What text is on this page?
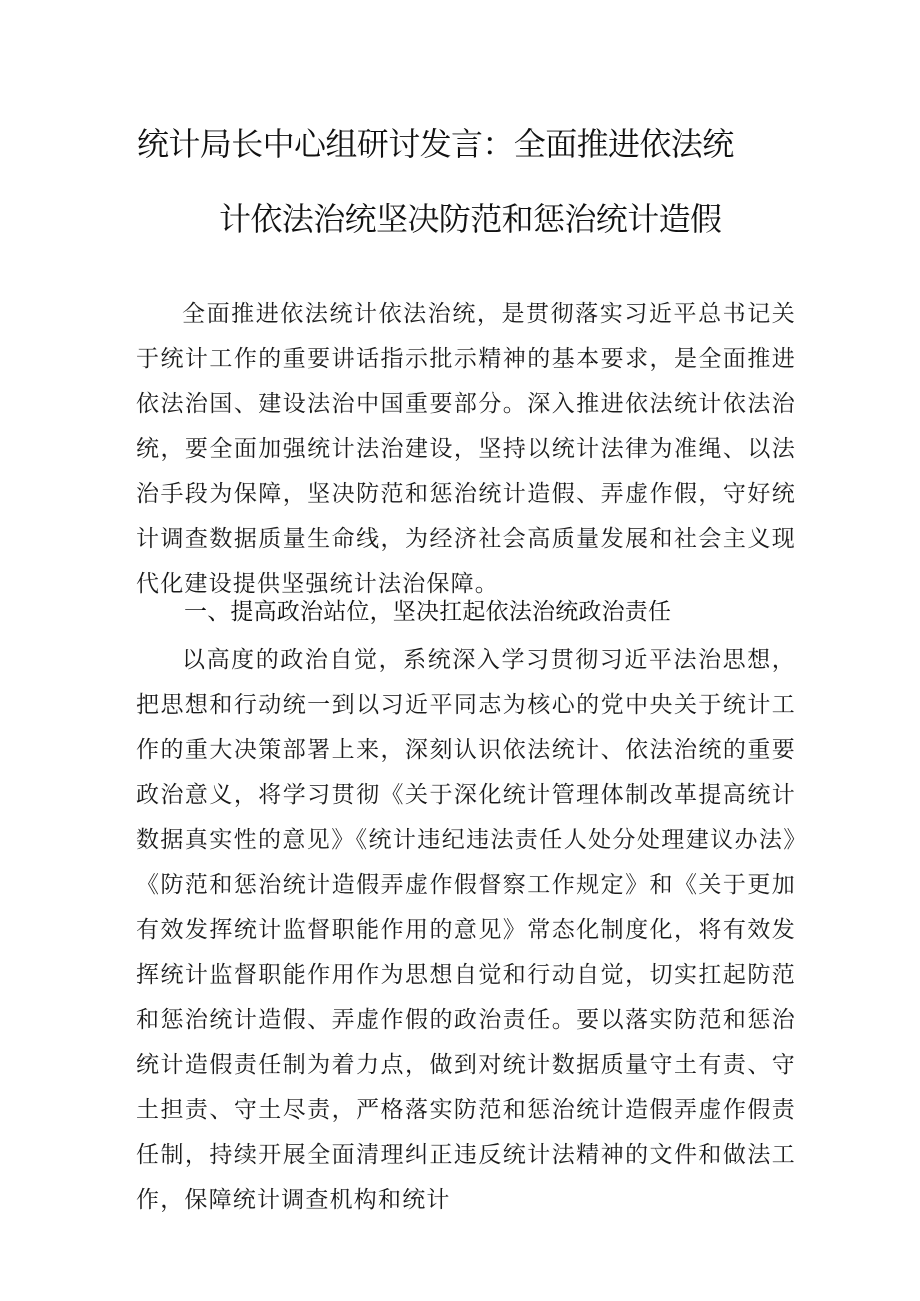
统计局长中心组研讨发言：全面推进依法统
计依法治统坚决防范和惩治统计造假

全面推进依法统计依法治统，是贯彻落实习近平总书记关于统计工作的重要讲话指示批示精神的基本要求，是全面推进依法治国、建设法治中国重要部分。深入推进依法统计依法治统，要全面加强统计法治建设，坚持以统计法律为准绳、以法治手段为保障，坚决防范和惩治统计造假、弄虚作假，守好统计调查数据质量生命线，为经济社会高质量发展和社会主义现代化建设提供坚强统计法治保障。

一、提高政治站位，坚决扛起依法治统政治责任

以高度的政治自觉，系统深入学习贯彻习近平法治思想，把思想和行动统一到以习近平同志为核心的党中央关于统计工作的重大决策部署上来，深刻认识依法统计、依法治统的重要政治意义，将学习贯彻《关于深化统计管理体制改革提高统计数据真实性的意见》《统计违纪违法责任人处分处理建议办法》《防范和惩治统计造假弄虚作假督察工作规定》和《关于更加有效发挥统计监督职能作用的意见》常态化制度化，将有效发挥统计监督职能作用作为思想自觉和行动自觉，切实扛起防范和惩治统计造假、弄虚作假的政治责任。要以落实防范和惩治统计造假责任制为着力点，做到对统计数据质量守土有责、守土担责、守土尽责，严格落实防范和惩治统计造假弄虚作假责任制，持续开展全面清理纠正违反统计法精神的文件和做法工作，保障统计调查机构和统计
